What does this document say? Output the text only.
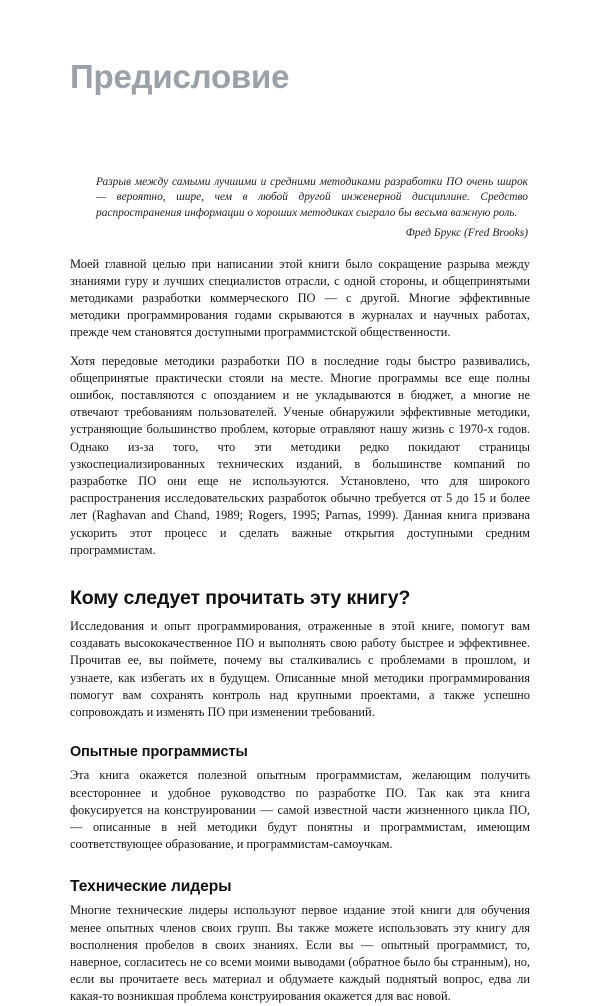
Предисловие

Разрыв между самыми лучшими и средними методиками разработки ПО очень широк — вероятно, шире, чем в любой другой инженерной дисциплине. Средство распространения информации о хороших методиках сыграло бы весьма важную роль.

Фред Брукс (Fred Brooks)

Моей главной целью при написании этой книги было сокращение разрыва между знаниями гуру и лучших специалистов отрасли, с одной стороны, и общепринятыми методиками разработки коммерческого ПО — с другой. Многие эффективные методики программирования годами скрываются в журналах и научных работах, прежде чем становятся доступными программистской общественности.

Хотя передовые методики разработки ПО в последние годы быстро развивались, общепринятые практически стояли на месте. Многие программы все еще полны ошибок, поставляются с опозданием и не укладываются в бюджет, а многие не отвечают требованиям пользователей. Ученые обнаружили эффективные методики, устраняющие большинство проблем, которые отравляют нашу жизнь с 1970-х годов. Однако из-за того, что эти методики редко покидают страницы узкоспециализированных технических изданий, в большинстве компаний по разработке ПО они еще не используются. Установлено, что для широкого распространения исследовательских разработок обычно требуется от 5 до 15 и более лет (Raghavan and Chand, 1989; Rogers, 1995; Parnas, 1999). Данная книга призвана ускорить этот процесс и сделать важные открытия доступными средним программистам.

Кому следует прочитать эту книгу?

Исследования и опыт программирования, отраженные в этой книге, помогут вам создавать высококачественное ПО и выполнять свою работу быстрее и эффективнее. Прочитав ее, вы поймете, почему вы сталкивались с проблемами в прошлом, и узнаете, как избегать их в будущем. Описанные мной методики программирования помогут вам сохранять контроль над крупными проектами, а также успешно сопровождать и изменять ПО при изменении требований.

Опытные программисты

Эта книга окажется полезной опытным программистам, желающим получить всестороннее и удобное руководство по разработке ПО. Так как эта книга фокусируется на конструировании — самой известной части жизненного цикла ПО, — описанные в ней методики будут понятны и программистам, имеющим соответствующее образование, и программистам-самоучкам.

Технические лидеры

Многие технические лидеры используют первое издание этой книги для обучения менее опытных членов своих групп. Вы также можете использовать эту книгу для восполнения пробелов в своих знаниях. Если вы — опытный программист, то, наверное, согласитесь не со всеми моими выводами (обратное было бы странным), но, если вы прочитаете весь материал и обдумаете каждый поднятый вопрос, едва ли какая-то возникшая проблема конструирования окажется для вас новой.
